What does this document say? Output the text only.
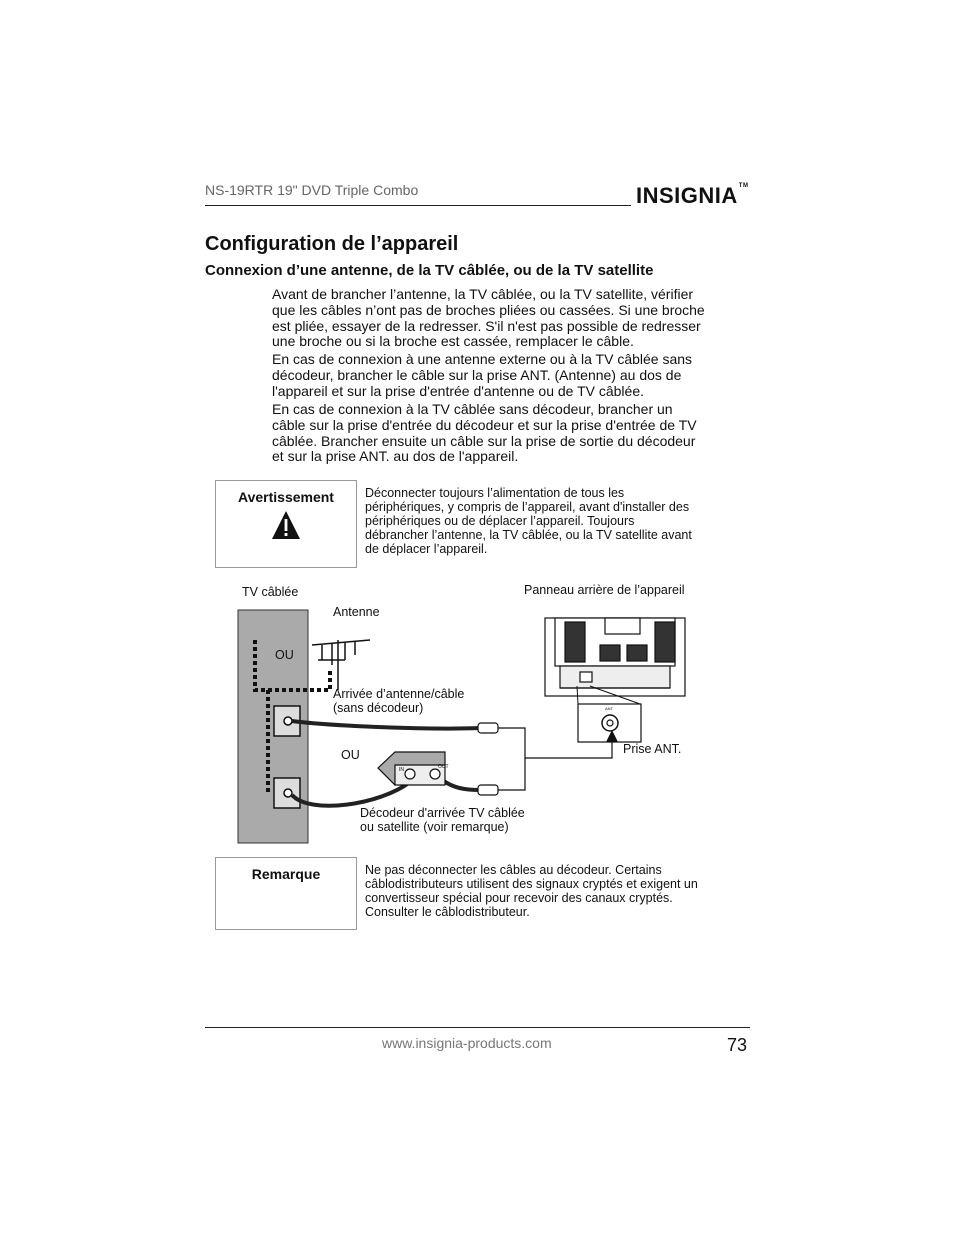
NS-19RTR 19" DVD Triple Combo	INSIGNIA™
Configuration de l’appareil
Connexion d’une antenne, de la TV câblée, ou de la TV satellite
Avant de brancher l’antenne, la TV câblée, ou la TV satellite, vérifier
que les câbles n’ont pas de broches pliées ou cassées. Si une broche
est pliée, essayer de la redresser. S'il n'est pas possible de redresser
une broche ou si la broche est cassée, remplacer le câble.
En cas de connexion à une antenne externe ou à la TV câblée sans
décodeur, brancher le câble sur la prise ANT. (Antenne) au dos de
l'appareil et sur la prise d'entrée d'antenne ou de TV câblée.
En cas de connexion à la TV câblée sans décodeur, brancher un
câble sur la prise d'entrée du décodeur et sur la prise d'entrée de TV
câblée. Brancher ensuite un câble sur la prise de sortie du décodeur
et sur la prise ANT. au dos de l'appareil.
Avertissement	Déconnecter toujours l’alimentation de tous les
périphériques, y compris de l’appareil, avant d'installer des
périphériques ou de déplacer l’appareil. Toujours
débrancher l’antenne, la TV câblée, ou la TV satellite avant
de déplacer l’appareil.
IN	OUT
ANT
TV câblée
Antenne
OU
OU
Arrivée d’antenne/câble
(sans décodeur)
Décodeur d'arrivée TV câblée
ou satellite (voir remarque)
Panneau arrière de l’appareil
Prise ANT.
Remarque	Ne pas déconnecter les câbles au décodeur. Certains
câblodistributeurs utilisent des signaux cryptés et exigent un
convertisseur spécial pour recevoir des canaux cryptés.
Consulter le câblodistributeur.
www.insignia-products.com	73
